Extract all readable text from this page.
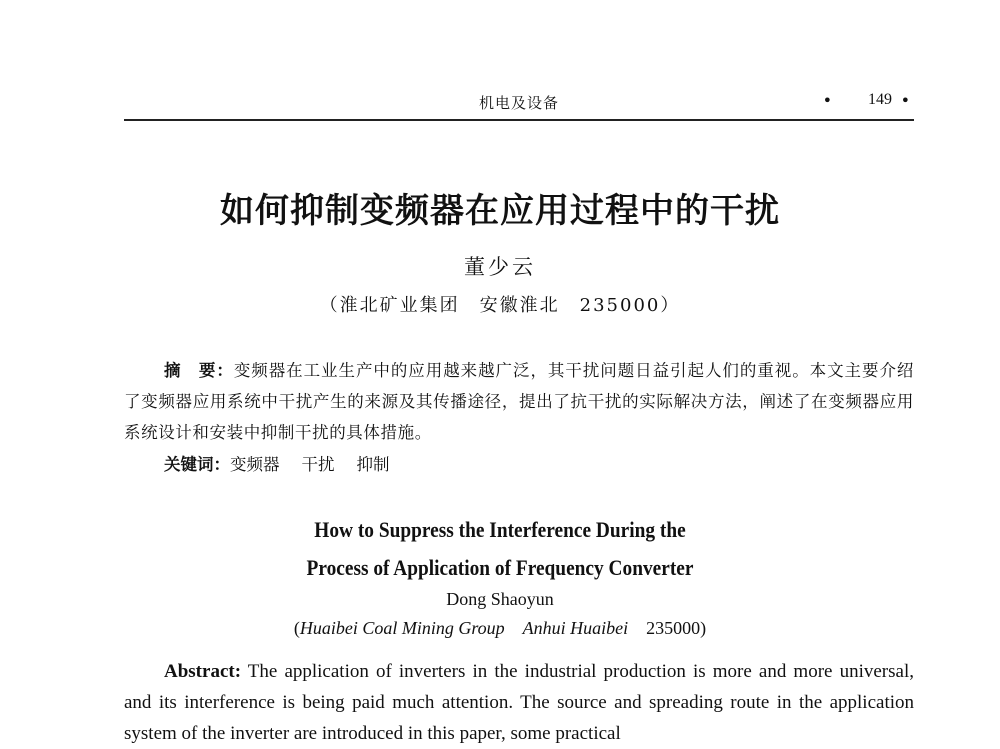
机电及设备	• 149 •
如何抑制变频器在应用过程中的干扰
董少云
（淮北矿业集团　安徽淮北　235000）
摘　要：变频器在工业生产中的应用越来越广泛，其干扰问题日益引起人们的重视。本文主要介绍了变频器应用系统中干扰产生的来源及其传播途径，提出了抗干扰的实际解决方法，阐述了在变频器应用系统设计和安装中抑制干扰的具体措施。
关键词：变频器 干扰 抑制
How to Suppress the Interference During the
Process of Application of Frequency Converter
Dong Shaoyun
(Huaibei Coal Mining Group Anhui Huaibei 235000)
Abstract: The application of inverters in the industrial production is more and more universal, and its interference is being paid much attention. The source and spreading route in the application system of the inverter are introduced in this paper, some practical
